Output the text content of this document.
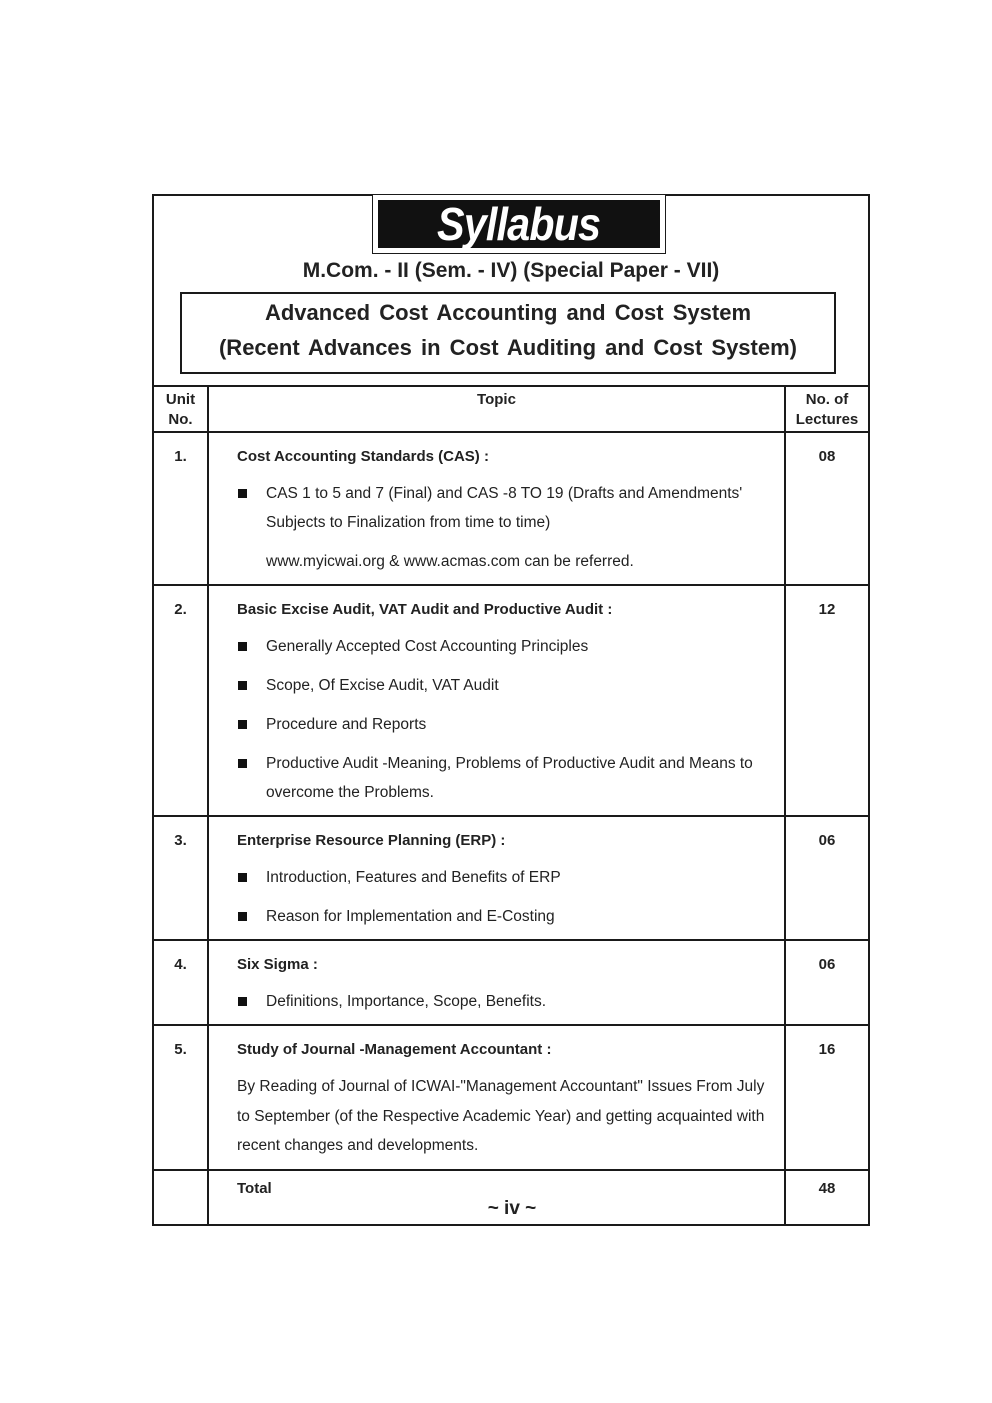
Syllabus
M.Com. - II (Sem. - IV) (Special Paper - VII)
Advanced Cost Accounting and Cost System
(Recent Advances in Cost Auditing and Cost System)
Unit No.	Topic	No. of Lectures
1.	Cost Accounting Standards (CAS) :
CAS 1 to 5 and 7 (Final) and CAS -8 TO 19 (Drafts and Amendments' Subjects to Finalization from time to time)
www.myicwai.org & www.acmas.com can be referred.	08
2.	Basic Excise Audit, VAT Audit and Productive Audit :
Generally Accepted Cost Accounting Principles
Scope, Of Excise Audit, VAT Audit
Procedure and Reports
Productive Audit -Meaning, Problems of Productive Audit and Means to overcome the Problems.	12
3.	Enterprise Resource Planning (ERP) :
Introduction, Features and Benefits of ERP
Reason for Implementation and E-Costing	06
4.	Six Sigma :
Definitions, Importance, Scope, Benefits.	06
5.	Study of Journal -Management Accountant :
By Reading of Journal of ICWAI-"Management Accountant" Issues From July to September (of the Respective Academic Year) and getting acquainted with recent changes and developments.	16

	Total	48
~ iv ~
